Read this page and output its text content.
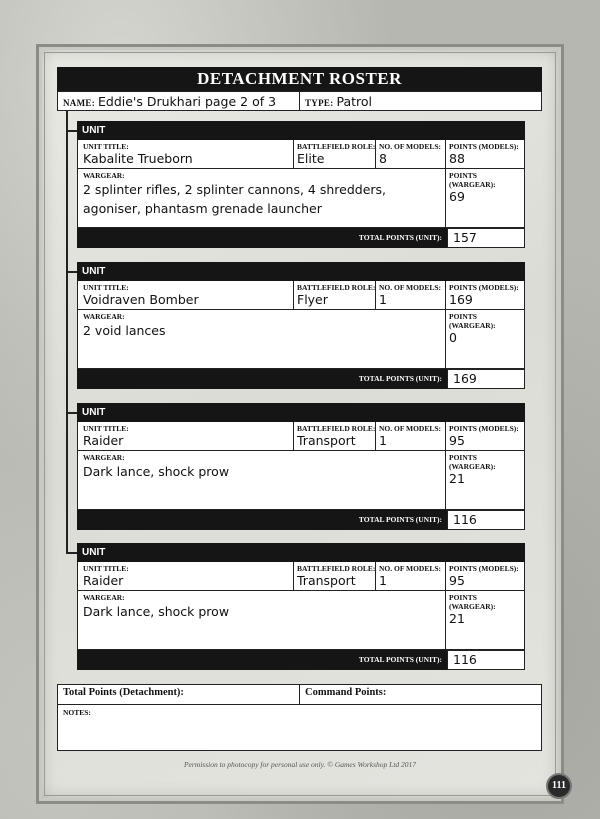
DETACHMENT ROSTER
NAME: Eddie's Drukhari page 2 of 3	TYPE: Patrol
UNIT
UNIT TITLE:
Kabalite Trueborn
BATTLEFIELD ROLE:
Elite
NO. OF MODELS:
8
POINTS (MODELS):
88
WARGEAR:
2 splinter rifles, 2 splinter cannons, 4 shredders,
agoniser, phantasm grenade launcher
POINTS
(WARGEAR):
69
TOTAL POINTS (UNIT): 157
UNIT
UNIT TITLE:
Voidraven Bomber
BATTLEFIELD ROLE:
Flyer
NO. OF MODELS:
1
POINTS (MODELS):
169
WARGEAR:
2 void lances
POINTS
(WARGEAR):
0
TOTAL POINTS (UNIT): 169
UNIT
UNIT TITLE:
Raider
BATTLEFIELD ROLE:
Transport
NO. OF MODELS:
1
POINTS (MODELS):
95
WARGEAR:
Dark lance, shock prow
POINTS
(WARGEAR):
21
TOTAL POINTS (UNIT): 116
UNIT
UNIT TITLE:
Raider
BATTLEFIELD ROLE:
Transport
NO. OF MODELS:
1
POINTS (MODELS):
95
WARGEAR:
Dark lance, shock prow
POINTS
(WARGEAR):
21
TOTAL POINTS (UNIT): 116
Total Points (Detachment):	Command Points:
NOTES:
Permission to photocopy for personal use only. © Games Workshop Ltd 2017
111
